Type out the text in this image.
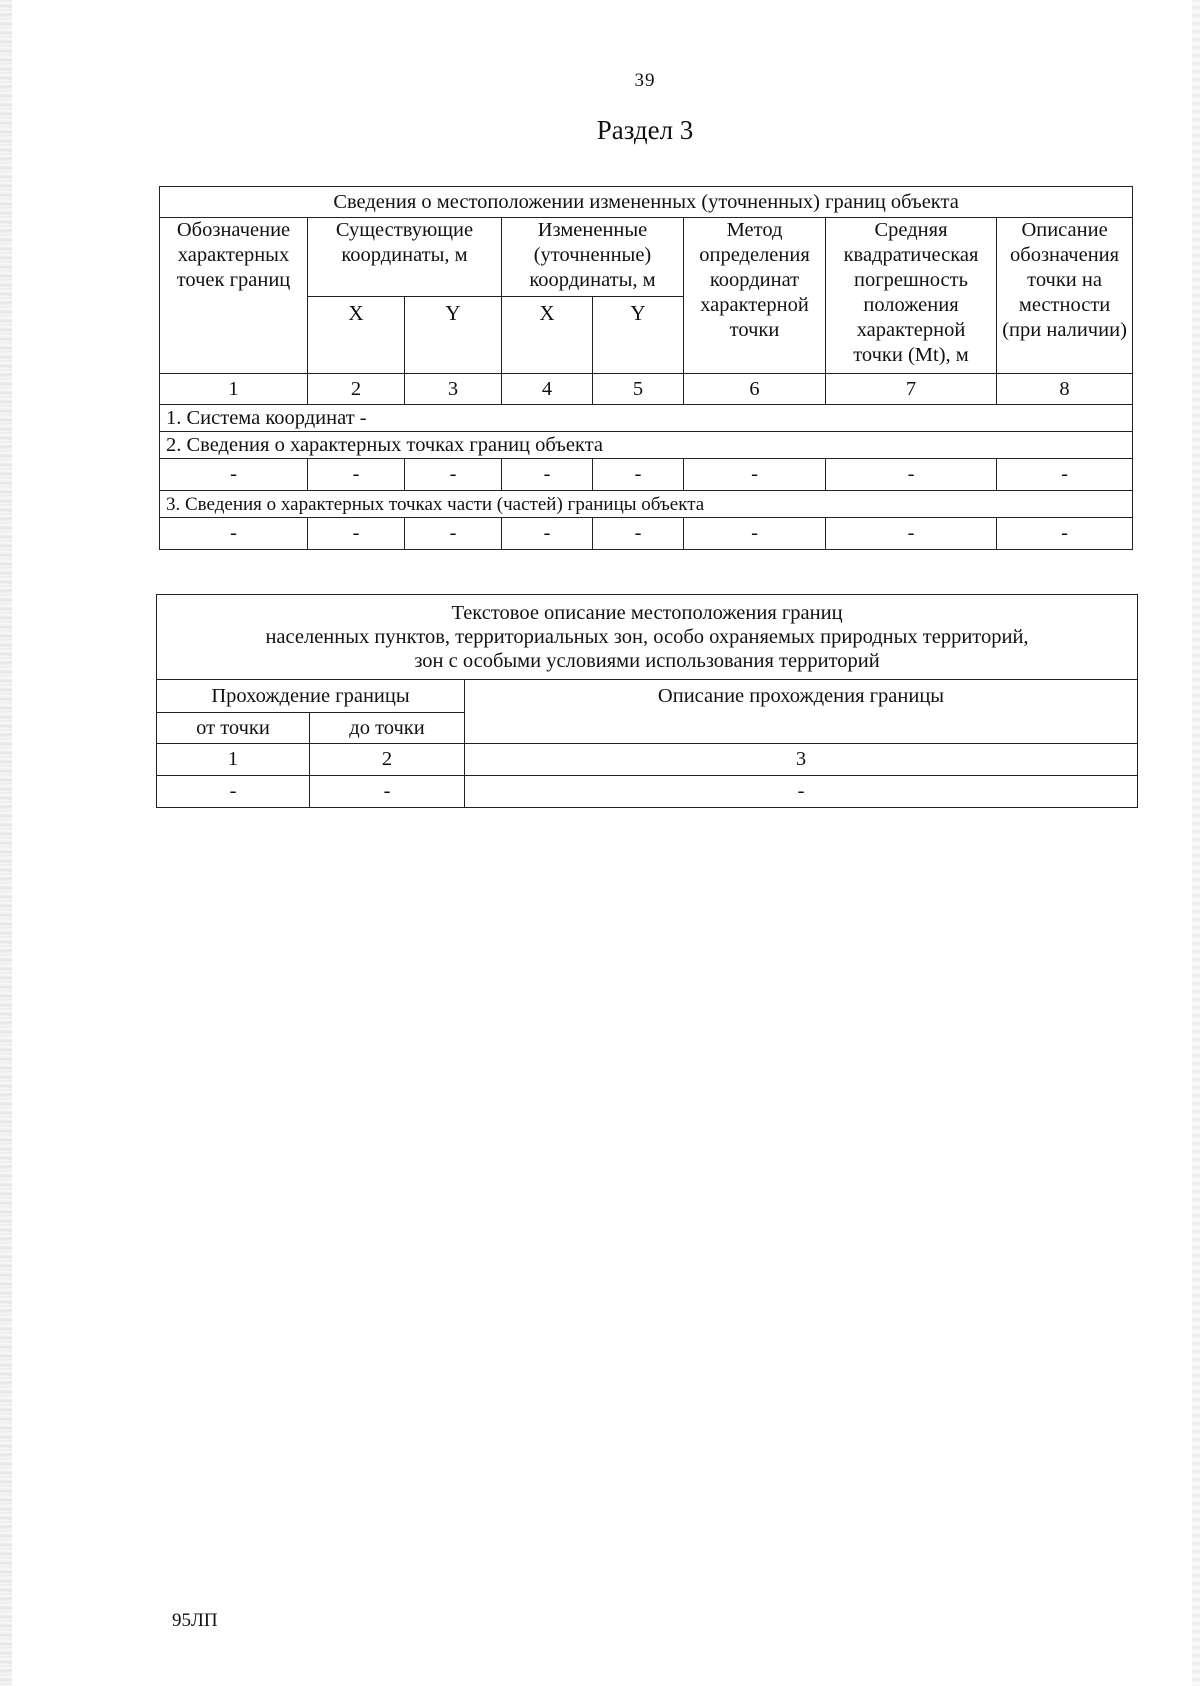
39
Раздел 3
Сведения о местоположении измененных (уточненных) границ объекта							
Обозначение характерных точек границ	Существующие координаты, м		Измененные (уточненные) координаты, м		Метод определения координат характерной точки	Средняя квадратическая погрешность положения характерной точки (Mt), м	Описание обозначения точки на местности (при наличии)
	X	Y	X	Y			
1	2	3	4	5	6	7	8
1. Система координат -							
2. Сведения о характерных точках границ объекта							
-	-	-	-	-	-	-	-
3. Сведения о характерных точках части (частей) границы объекта							
-	-	-	-	-	-	-	-
Текстовое описание местоположения границ
населенных пунктов, территориальных зон, особо охраняемых природных территорий,
зон с особыми условиями использования территорий		

Прохождение границы		Описание прохождения границы
от точки	до точки	
1	2	3
-	-	-
95ЛП
